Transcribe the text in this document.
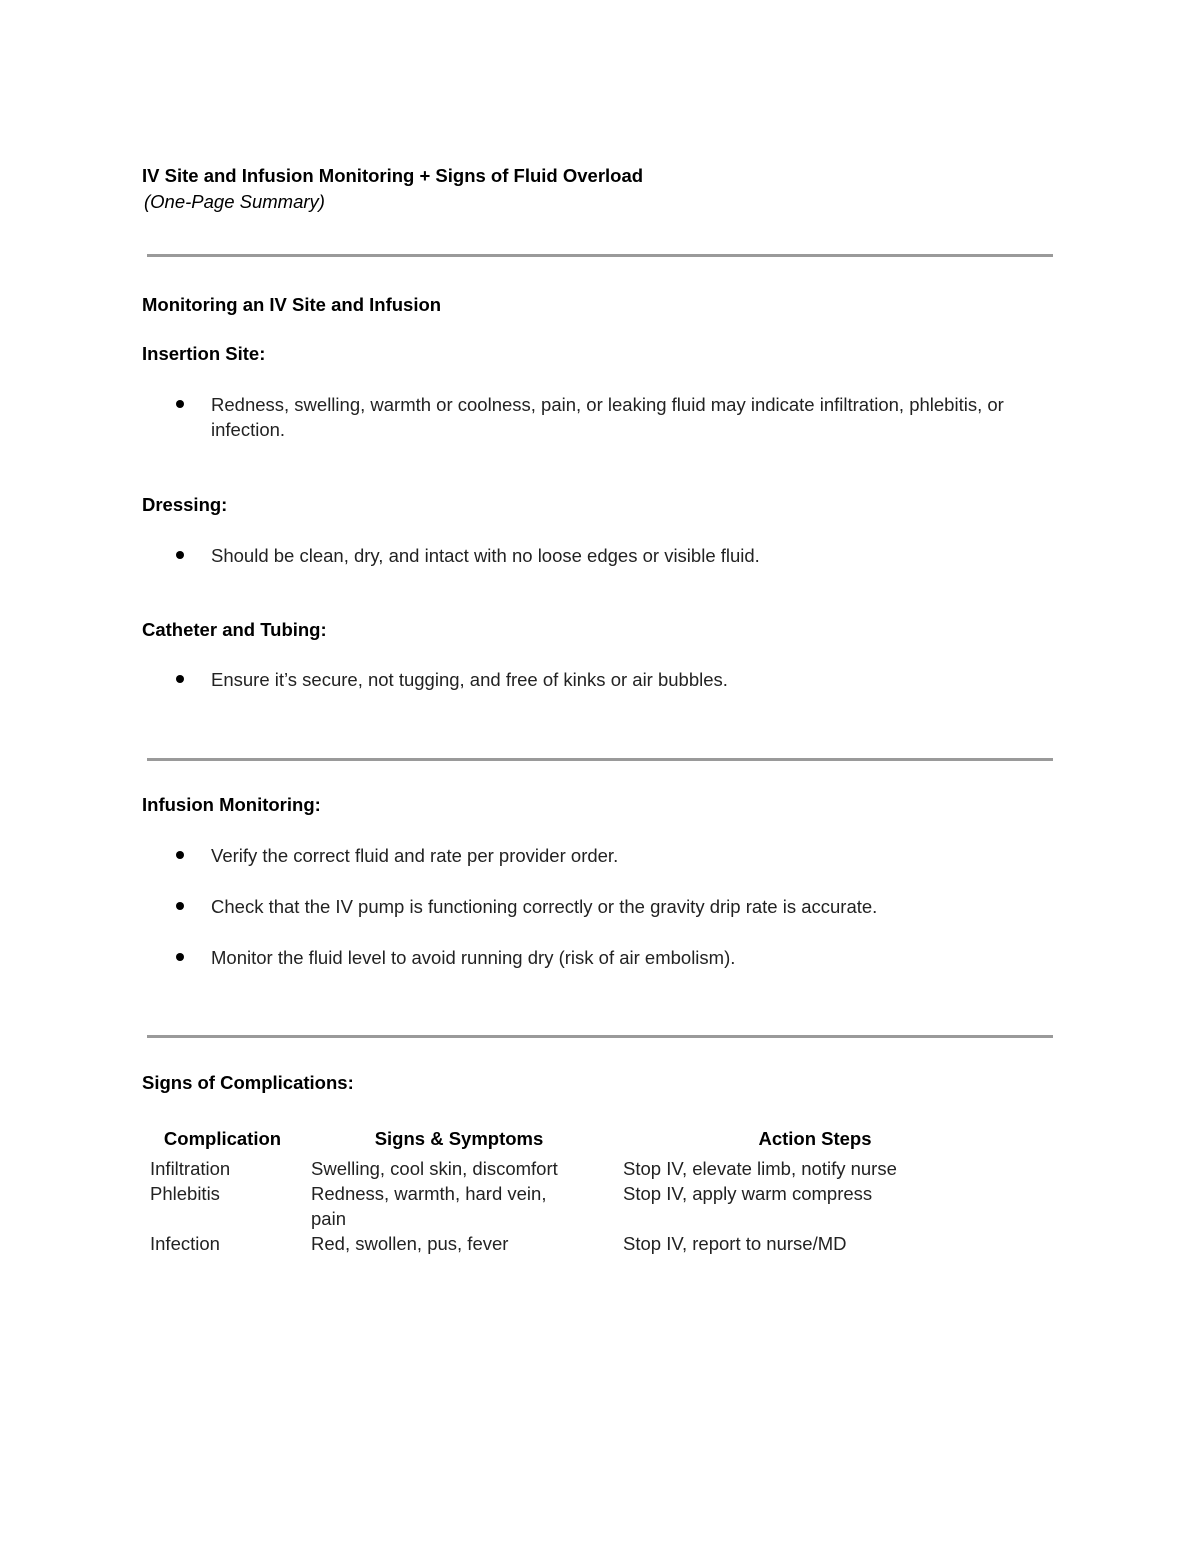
IV Site and Infusion Monitoring + Signs of Fluid Overload
(One-Page Summary)
Monitoring an IV Site and Infusion
Insertion Site:
Redness, swelling, warmth or coolness, pain, or leaking fluid may indicate infiltration, phlebitis, or infection.
Dressing:
Should be clean, dry, and intact with no loose edges or visible fluid.
Catheter and Tubing:
Ensure it’s secure, not tugging, and free of kinks or air bubbles.
Infusion Monitoring:
Verify the correct fluid and rate per provider order.
Check that the IV pump is functioning correctly or the gravity drip rate is accurate.
Monitor the fluid level to avoid running dry (risk of air embolism).
Signs of Complications:
Complication	Signs & Symptoms	Action Steps
Infiltration	Swelling, cool skin, discomfort	Stop IV, elevate limb, notify nurse
Phlebitis	Redness, warmth, hard vein, pain	Stop IV, apply warm compress
Infection	Red, swollen, pus, fever	Stop IV, report to nurse/MD
